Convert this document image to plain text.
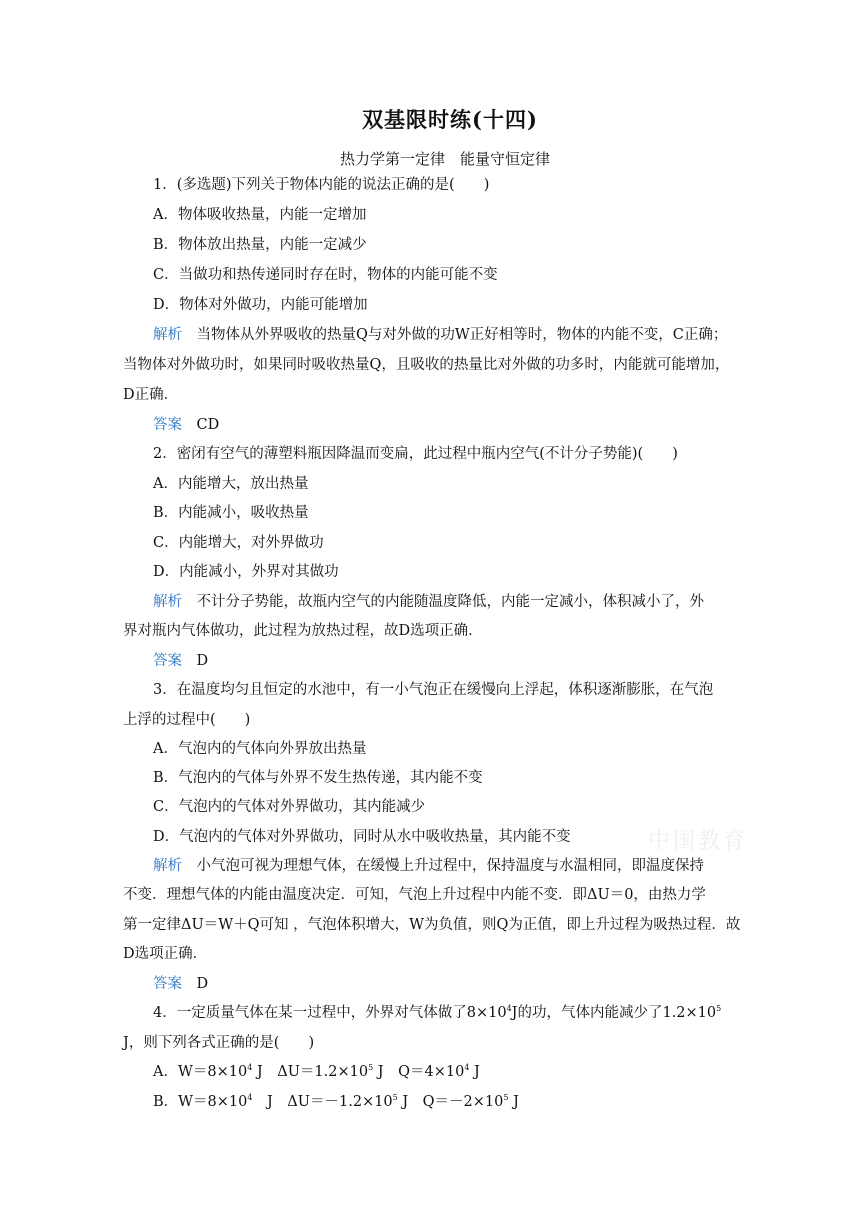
双基限时练(十四)
热力学第一定律　能量守恒定律
中国教育
1．(多选题)下列关于物体内能的说法正确的是(　　)
A．物体吸收热量，内能一定增加
B．物体放出热量，内能一定减少
C．当做功和热传递同时存在时，物体的内能可能不变
D．物体对外做功，内能可能增加
解析　 当物体从外界吸收的热量Q与对外做的功W正好相等时，物体的内能不变，C正确；
当物体对外做功时，如果同时吸收热量Q，且吸收的热量比对外做的功多时，内能就可能增加，
D正确．
答案　 CD
2．密闭有空气的薄塑料瓶因降温而变扁，此过程中瓶内空气(不计分子势能)(　　)
A．内能增大，放出热量
B．内能减小，吸收热量
C．内能增大，对外界做功
D．内能减小，外界对其做功
解析　 不计分子势能，故瓶内空气的内能随温度降低，内能一定减小，体积减小了，外
界对瓶内气体做功，此过程为放热过程，故D选项正确．
答案　 D
3．在温度均匀且恒定的水池中，有一小气泡正在缓慢向上浮起，体积逐渐膨胀，在气泡
上浮的过程中(　　)
A．气泡内的气体向外界放出热量
B．气泡内的气体与外界不发生热传递，其内能不变
C．气泡内的气体对外界做功，其内能减少
D．气泡内的气体对外界做功，同时从水中吸收热量，其内能不变
解析　 小气泡可视为理想气体，在缓慢上升过程中，保持温度与水温相同，即温度保持
不变．理想气体的内能由温度决定．可知，气泡上升过程中内能不变．即ΔU＝0，由热力学
第一定律ΔU＝W＋Q可知 ，气泡体积增大，W为负值，则Q为正值，即上升过程为吸热过程．故
D选项正确．
答案　 D
4．一定质量气体在某一过程中，外界对气体做了$8\times 10^4J$的功，气体内能减少了$1.2\times 10^5$
J，则下列各式正确的是(　　)
A．$W=8\times 10^4$ J　$\Delta U=1.2\times 10^5$ J　$Q=4\times 10^4$ J
B．$W=8\times 10^4$　J　$\Delta U=-1.2\times 10^5$ J　$Q=-2\times 10^5$ J
